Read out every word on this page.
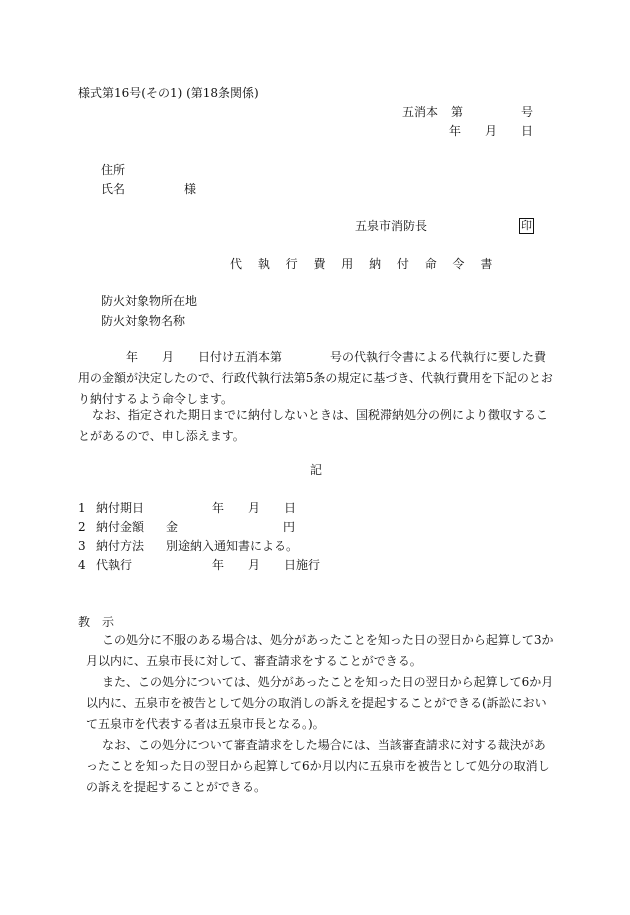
様式第16号(その1) (第18条関係)
五消本 第	号
年 月 日
住所
氏名	様
五泉市消防長	印
代 執 行 費 用 納 付 命 令 書
防火対象物所在地
防火対象物名称
年　　月　　日付け五消本第　　　　号の代執行令書による代執行に要した費用の金額が決定したので、行政代執行法第5条の規定に基づき、代執行費用を下記のとおり納付するよう命令します。
なお、指定された期日までに納付しないときは、国税滞納処分の例により徴収することがあるので、申し添えます。
記
1 納付期日	年　　月　　日
2 納付金額 金	円
3 納付方法 別途納入通知書による。
4 代執行	年　　月　　日施行
教　示
この処分に不服のある場合は、処分があったことを知った日の翌日から起算して3か月以内に、五泉市長に対して、審査請求をすることができる。
また、この処分については、処分があったことを知った日の翌日から起算して6か月以内に、五泉市を被告として処分の取消しの訴えを提起することができる(訴訟において五泉市を代表する者は五泉市長となる。)。
なお、この処分について審査請求をした場合には、当該審査請求に対する裁決があったことを知った日の翌日から起算して6か月以内に五泉市を被告として処分の取消しの訴えを提起することができる。
